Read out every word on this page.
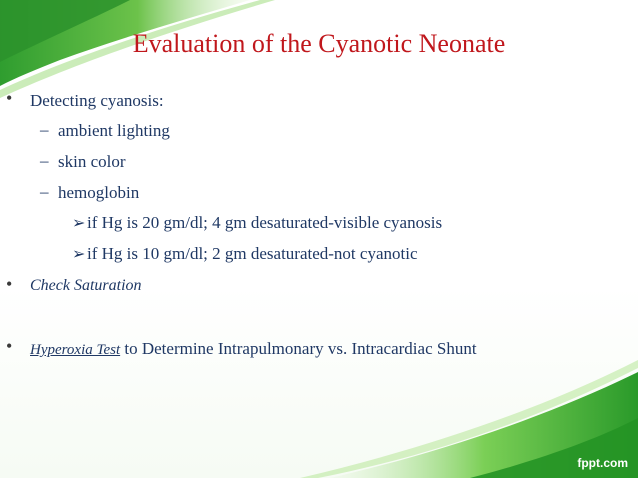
Evaluation of the Cyanotic Neonate
• Detecting cyanosis:
– ambient lighting
– skin color
– hemoglobin
➢ if Hg is 20 gm/dl; 4 gm desaturated-visible cyanosis
➢ if Hg is 10 gm/dl; 2 gm desaturated-not cyanotic
• Check Saturation
• Hyperoxia Test to Determine Intrapulmonary vs. Intracardiac Shunt
fppt.com
